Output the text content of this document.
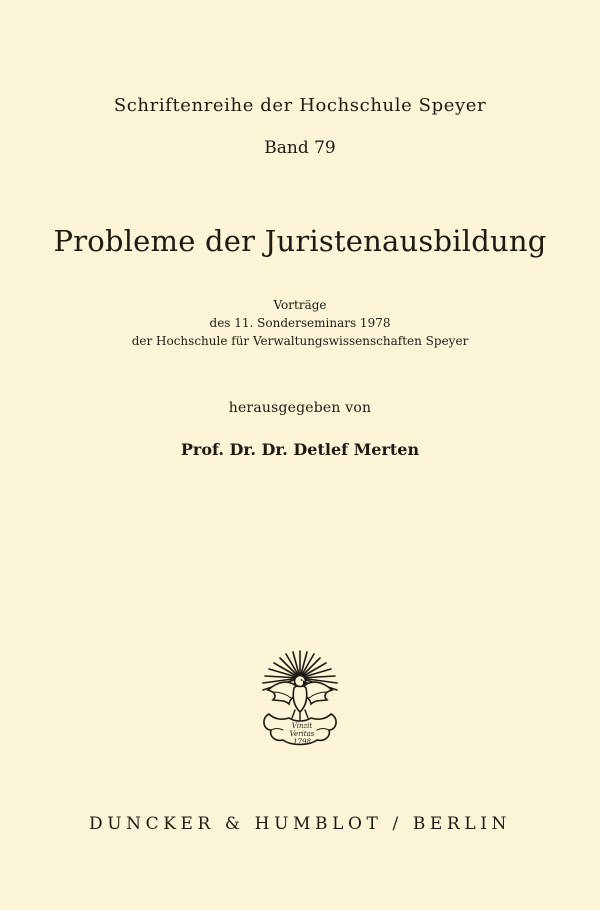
Schriftenreihe der Hochschule Speyer
Band 79
Probleme der Juristenausbildung
Vorträge
des 11. Sonderseminars 1978
der Hochschule für Verwaltungswissenschaften Speyer
herausgegeben von
Prof. Dr. Dr. Detlef Merten
Vinzit
Veritas
1798
DUNCKER & HUMBLOT / BERLIN
